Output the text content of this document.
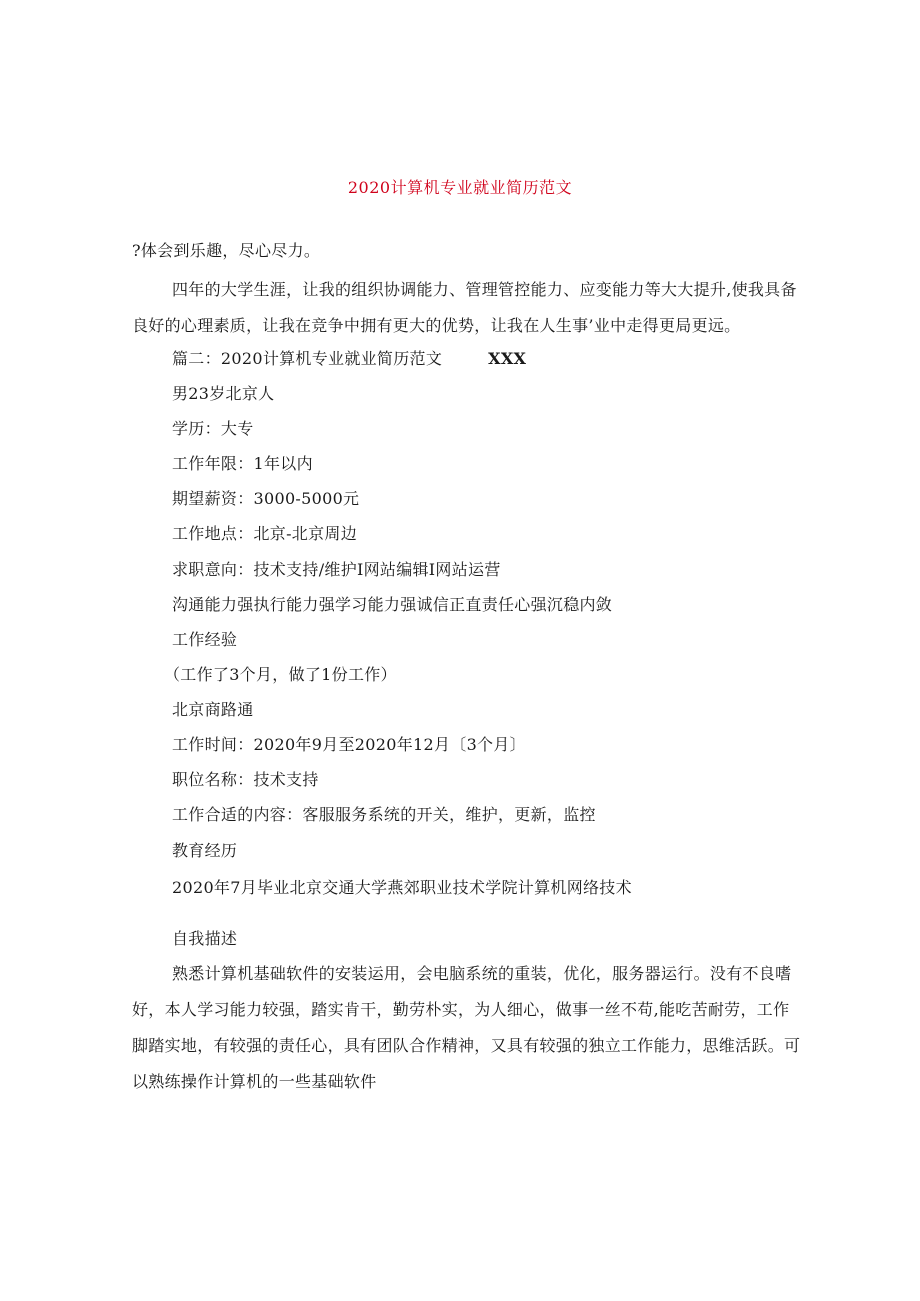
2020计算机专业就业简历范文
?体会到乐趣，尽心尽力。
四年的大学生涯，让我的组织协调能力、管理管控能力、应变能力等大大提升,使我具备良好的心理素质，让我在竞争中拥有更大的优势，让我在人生事’业中走得更局更远。
篇二：2020计算机专业就业简历范文	XXX
男23岁北京人
学历：大专
工作年限：1年以内
期望薪资：3000-5000元
工作地点：北京-北京周边
求职意向：技术支持/维护I网站编辑I网站运营
沟通能力强执行能力强学习能力强诚信正直责任心强沉稳内敛
工作经验
（工作了3个月，做了1份工作）
北京商路通
工作时间：2020年9月至2020年12月〔3个月〕
职位名称：技术支持
工作合适的内容：客服服务系统的开关，维护，更新，监控
教育经历
2020年7月毕业北京交通大学燕郊职业技术学院计算机网络技术
自我描述
熟悉计算机基础软件的安装运用，会电脑系统的重装，优化，服务器运行。没有不良嗜好，本人学习能力较强，踏实肯干，勤劳朴实，为人细心，做事一丝不苟,能吃苦耐劳，工作脚踏实地，有较强的责任心，具有团队合作精神，又具有较强的独立工作能力，思维活跃。可以熟练操作计算机的一些基础软件
